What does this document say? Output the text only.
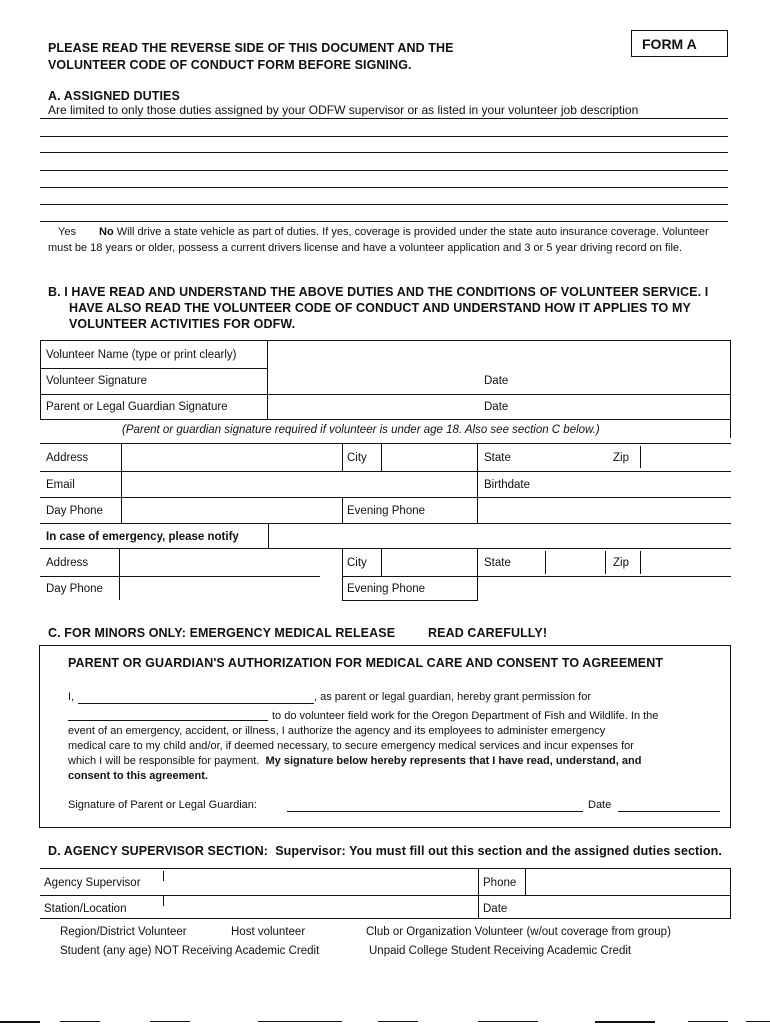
PLEASE READ THE REVERSE SIDE OF THIS DOCUMENT AND THE
VOLUNTEER CODE OF CONDUCT FORM BEFORE SIGNING.
FORM A
A. ASSIGNED DUTIES
Are limited to only those duties assigned by your ODFW supervisor or as listed in your volunteer job description
Yes No Will drive a state vehicle as part of duties. If yes, coverage is provided under the state auto insurance coverage. Volunteer must be 18 years or older, possess a current drivers license and have a volunteer application and 3 or 5 year driving record on file.
B. I HAVE READ AND UNDERSTAND THE ABOVE DUTIES AND THE CONDITIONS OF VOLUNTEER SERVICE. I
HAVE ALSO READ THE VOLUNTEER CODE OF CONDUCT AND UNDERSTAND HOW IT APPLIES TO MY
VOLUNTEER ACTIVITIES FOR ODFW.
Volunteer Name (type or print clearly)
Volunteer Signature	Date
Parent or Legal Guardian Signature	Date
(Parent or guardian signature required if volunteer is under age 18. Also see section C below.)
Address	City	State	Zip
Email	Birthdate
Day Phone	Evening Phone
In case of emergency, please notify
Address	City	State	Zip
Day Phone	Evening Phone
C. FOR MINORS ONLY: EMERGENCY MEDICAL RELEASE	READ CAREFULLY!
PARENT OR GUARDIAN'S AUTHORIZATION FOR MEDICAL CARE AND CONSENT TO AGREEMENT
I,	, as parent or legal guardian, hereby grant permission for
to do volunteer field work for the Oregon Department of Fish and Wildlife. In the
event of an emergency, accident, or illness, I authorize the agency and its employees to administer emergency
medical care to my child and/or, if deemed necessary, to secure emergency medical services and incur expenses for
which I will be responsible for payment. My signature below hereby represents that I have read, understand, and
consent to this agreement.
Signature of Parent or Legal Guardian:	Date
D. AGENCY SUPERVISOR SECTION: Supervisor: You must fill out this section and the assigned duties section.
Agency Supervisor	Phone
Station/Location	Date
Region/District Volunteer	Host volunteer	Club or Organization Volunteer (w/out coverage from group)
Student (any age) NOT Receiving Academic Credit	Unpaid College Student Receiving Academic Credit
